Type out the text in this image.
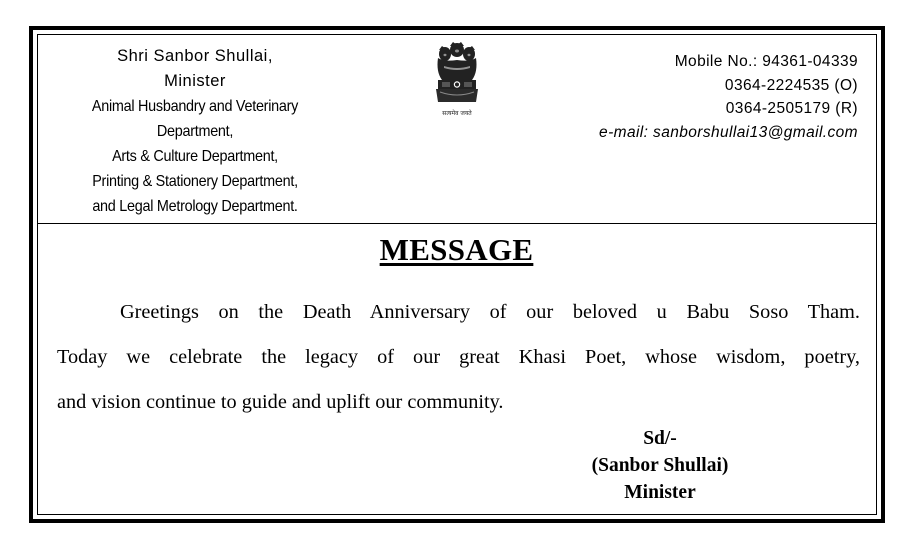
Shri Sanbor Shullai,
Minister
Animal Husbandry and Veterinary
Department,
Arts & Culture Department,
Printing & Stationery Department,
and Legal Metrology Department.
सत्यमेव जयते
Mobile No.: 94361-04339
0364-2224535 (O)
0364-2505179 (R)
e-mail: sanborshullai13@gmail.com
MESSAGE
Greetings on the Death Anniversary of our beloved u Babu Soso Tham.
Today we celebrate the legacy of our great Khasi Poet, whose wisdom, poetry,
and vision continue to guide and uplift our community.
Sd/-
(Sanbor Shullai)
Minister
